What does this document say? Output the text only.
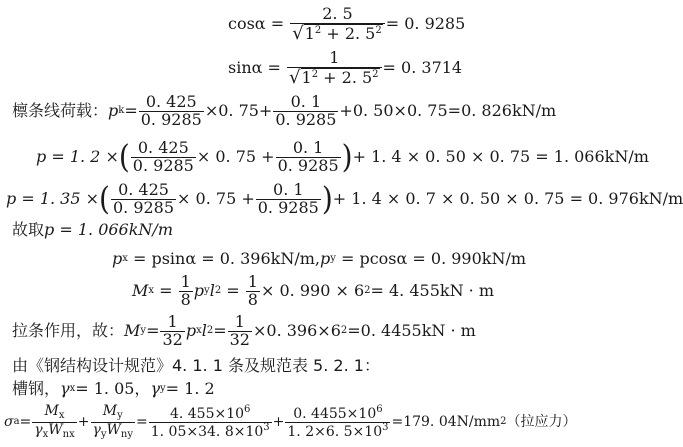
$\cos\alpha = \frac{2. 5}{√ 1^2 + 2. 5^2} = 0$. 9285
$\sin\alpha = \frac{1}{√ 1^2 + 2. 5^2} = 0$. 3714
檩条线荷载： p $k = \frac{0. 425}{0. 9285} \times 0$. $75+ \frac{0. 1}{0. 9285} +0$. 50×0. 75=0. 826kN/m
p = 1. 2 × ( $\frac{0. 425}{0. 9285} \times 0$. $75 + \frac{0. 1}{0. 9285}$ ) + 1. 4 × 0. 50 × 0. 75 = 1. 066kN/m
p = 1. 35 × ( $\frac{0. 425}{0. 9285} \times 0$. $75 + \frac{0. 1}{0. 9285}$ ) + 1. 4 × 0. 7 × 0. 50 × 0. 75 = 0. 976kN/m
故取 p = 1. 066kN/m
p x
= p sinα = 0. 396kN/m, p y
= p cosα = 0. 990kN/m
M $x = \frac{1}{8}$ p y l 2
=
$\frac{1}{8} \times 0$. 990 × 6 2 = 4. 455kN · m
拉条作用，故： M $y = \frac{1}{32}$ p x l $2 = \frac{1}{32} \times 0$. 396×6 2 =0. 4455kN · m
由《钢结构设计规范》4. 1. 1 条及规范表 5. 2. 1：
槽钢， γ x = 1. 05， γ y = 1. 2
σ $a = \frac{M_x}{\gamma_xW_{nx}} + \frac{M_y}{\gamma_yW_{ny}} = \frac{4. 455\times 10^6}{1. 05\times 34. 8\times 10^3} + \frac{0. 4455\times 10^6}{1. 2\times 6. 5\times 10^3} =179$. 04N/mm 2 （拉应力）
